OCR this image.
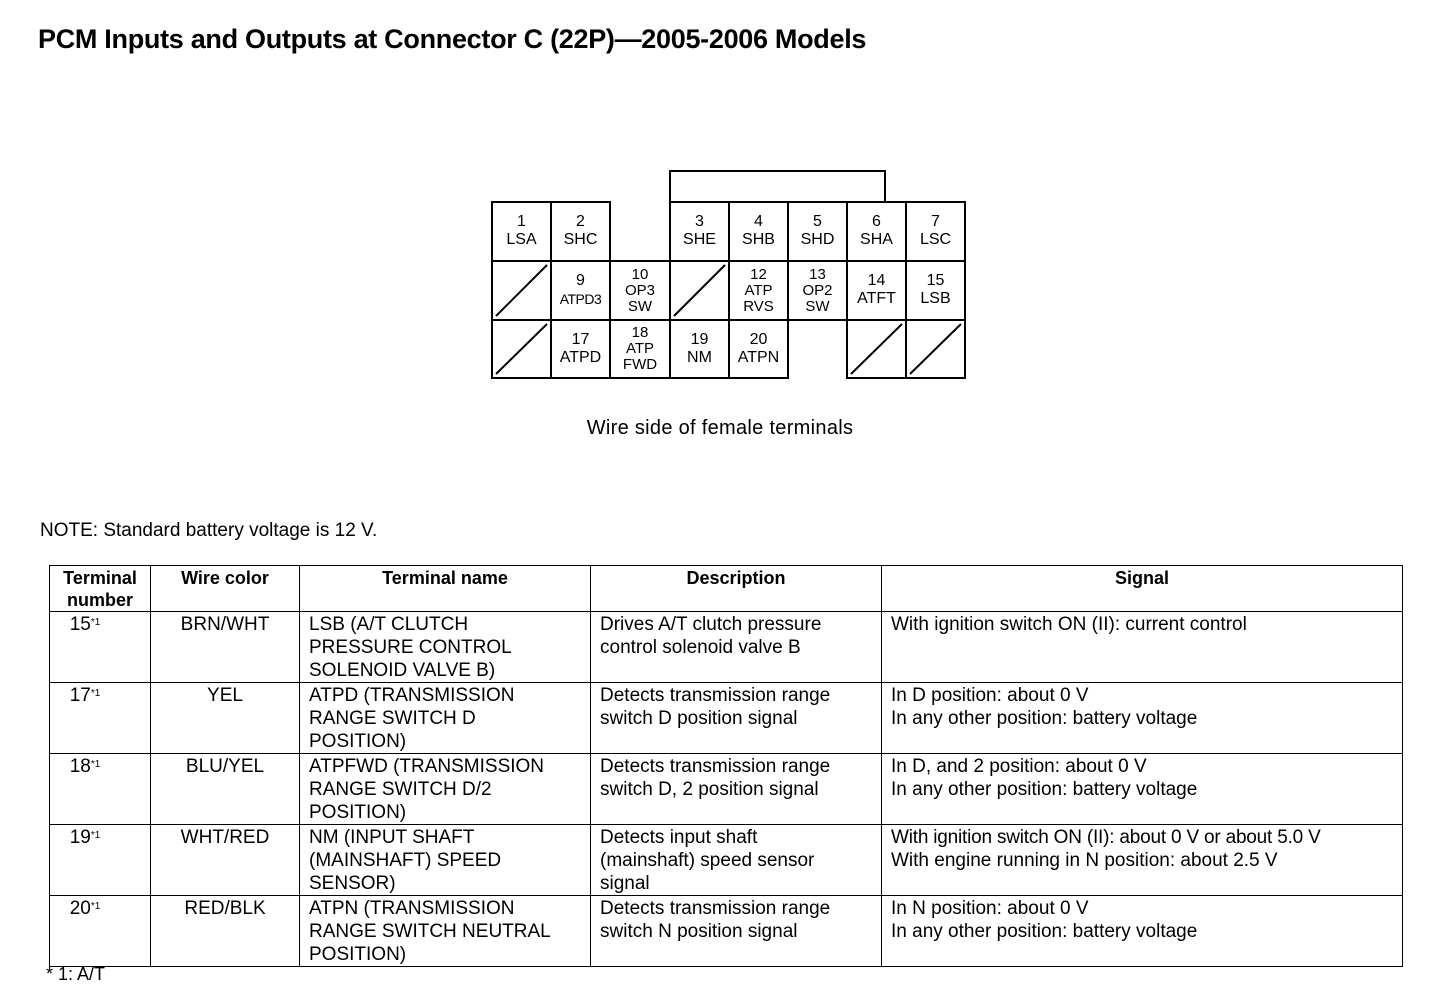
PCM Inputs and Outputs at Connector C (22P)—2005-2006 Models
1
LSA
2
SHC
3
SHE
4
SHB
5
SHD
6
SHA
7
LSC
9
ATPD3
10
OP3
SW
12
ATP
RVS
13
OP2
SW
14
ATFT
15
LSB
17
ATPD
18
ATP
FWD
19
NM
20
ATPN
Wire side of female terminals
NOTE: Standard battery voltage is 12 V.
Terminal
number	Wire color	Terminal name	Description	Signal
15$^{*1}$	BRN/WHT	LSB (A/T CLUTCH
PRESSURE CONTROL
SOLENOID VALVE B)	Drives A/T clutch pressure
control solenoid valve B	With ignition switch ON (II): current control

17$^{*1}$	YEL	ATPD (TRANSMISSION
RANGE SWITCH D
POSITION)	Detects transmission range
switch D position signal	In D position: about 0 V
In any other position: battery voltage

18$^{*1}$	BLU/YEL	ATPFWD (TRANSMISSION
RANGE SWITCH D/2
POSITION)	Detects transmission range
switch D, 2 position signal	In D, and 2 position: about 0 V
In any other position: battery voltage

19$^{*1}$	WHT/RED	NM (INPUT SHAFT
(MAINSHAFT) SPEED
SENSOR)	Detects input shaft
(mainshaft) speed sensor
signal	With ignition switch ON (II): about 0 V or about 5.0 V
With engine running in N position: about 2.5 V

20$^{*1}$	RED/BLK	ATPN (TRANSMISSION
RANGE SWITCH NEUTRAL
POSITION)	Detects transmission range
switch N position signal	In N position: about 0 V
In any other position: battery voltage
* 1: A/T
